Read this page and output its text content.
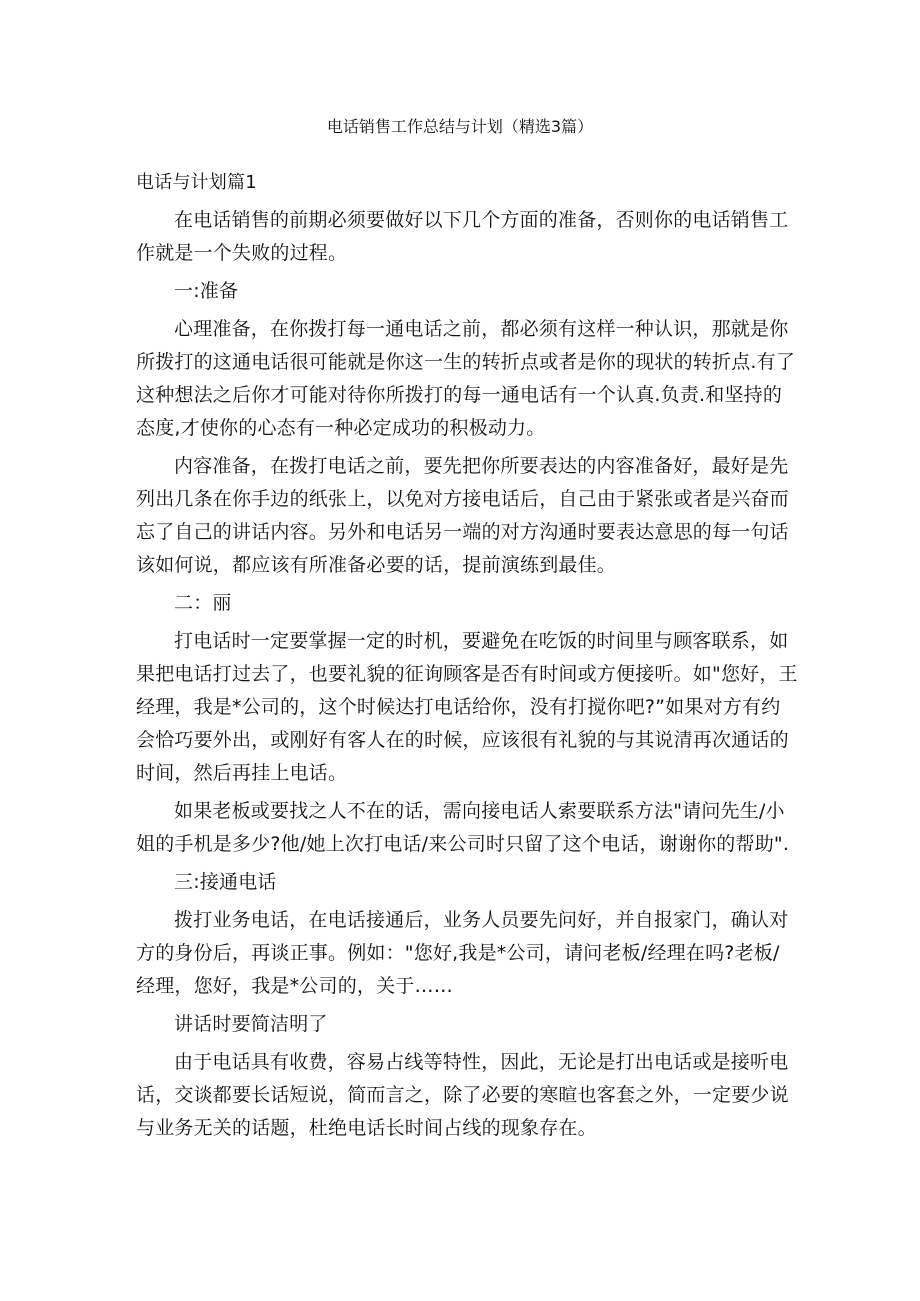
电话销售工作总结与计划（精选3篇）

电话与计划篇1

在电话销售的前期必须要做好以下几个方面的准备，否则你的电话销售工作就是一个失败的过程。

一:准备

心理准备，在你拨打每一通电话之前，都必须有这样一种认识，那就是你所拨打的这通电话很可能就是你这一生的转折点或者是你的现状的转折点.有了这种想法之后你才可能对待你所拨打的每一通电话有一个认真.负责.和坚持的态度,才使你的心态有一种必定成功的积极动力。

内容准备，在拨打电话之前，要先把你所要表达的内容准备好，最好是先列出几条在你手边的纸张上，以免对方接电话后，自己由于紧张或者是兴奋而忘了自己的讲话内容。另外和电话另一端的对方沟通时要表达意思的每一句话该如何说，都应该有所准备必要的话，提前演练到最佳。

二：丽

打电话时一定要掌握一定的时机，要避免在吃饭的时间里与顾客联系，如果把电话打过去了，也要礼貌的征询顾客是否有时间或方便接听。如"您好，王经理，我是*公司的，这个时候达打电话给你，没有打搅你吧?”如果对方有约会恰巧要外出，或刚好有客人在的时候，应该很有礼貌的与其说清再次通话的时间，然后再挂上电话。

如果老板或要找之人不在的话，需向接电话人索要联系方法"请问先生/小姐的手机是多少?他/她上次打电话/来公司时只留了这个电话，谢谢你的帮助".

三:接通电话

拨打业务电话，在电话接通后，业务人员要先问好，并自报家门，确认对方的身份后，再谈正事。例如："您好,我是*公司，请问老板/经理在吗?老板/经理，您好，我是*公司的，关于……

讲话时要简洁明了

由于电话具有收费，容易占线等特性，因此，无论是打出电话或是接听电话，交谈都要长话短说，简而言之，除了必要的寒暄也客套之外，一定要少说与业务无关的话题，杜绝电话长时间占线的现象存在。
